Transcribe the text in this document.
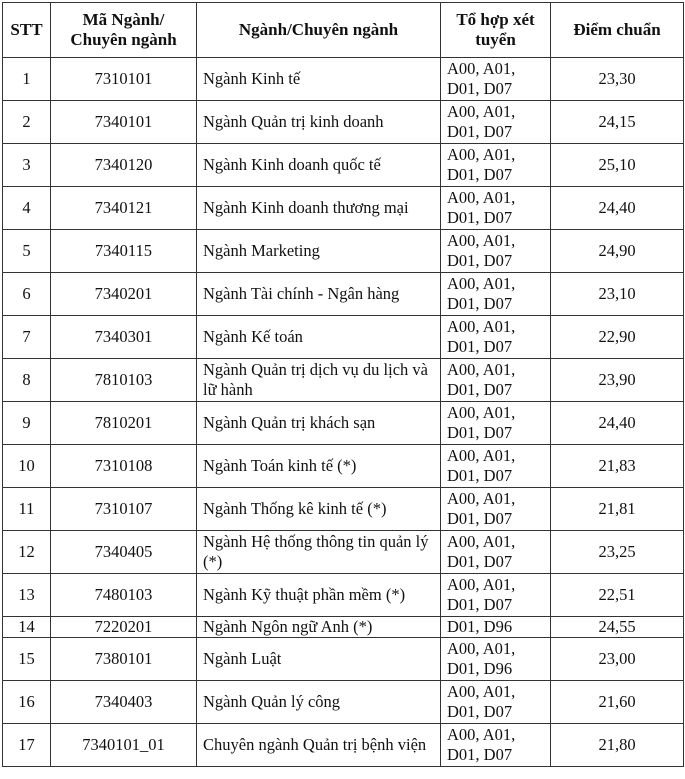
STT	Mã Ngành/ Chuyên ngành	Ngành/Chuyên ngành	Tổ hợp xét tuyển	Điểm chuẩn
1	7310101	Ngành Kinh tế	A00, A01, D01, D07	23,30
2	7340101	Ngành Quản trị kinh doanh	A00, A01, D01, D07	24,15
3	7340120	Ngành Kinh doanh quốc tế	A00, A01, D01, D07	25,10
4	7340121	Ngành Kinh doanh thương mại	A00, A01, D01, D07	24,40
5	7340115	Ngành Marketing	A00, A01, D01, D07	24,90
6	7340201	Ngành Tài chính - Ngân hàng	A00, A01, D01, D07	23,10
7	7340301	Ngành Kế toán	A00, A01, D01, D07	22,90
8	7810103	Ngành Quản trị dịch vụ du lịch và lữ hành	A00, A01, D01, D07	23,90
9	7810201	Ngành Quản trị khách sạn	A00, A01, D01, D07	24,40
10	7310108	Ngành Toán kinh tế (*)	A00, A01, D01, D07	21,83
11	7310107	Ngành Thống kê kinh tế (*)	A00, A01, D01, D07	21,81
12	7340405	Ngành Hệ thống thông tin quản lý (*)	A00, A01, D01, D07	23,25
13	7480103	Ngành Kỹ thuật phần mềm (*)	A00, A01, D01, D07	22,51
14	7220201	Ngành Ngôn ngữ Anh (*)	D01, D96	24,55
15	7380101	Ngành Luật	A00, A01, D01, D96	23,00
16	7340403	Ngành Quản lý công	A00, A01, D01, D07	21,60
17	7340101_01	Chuyên ngành Quản trị bệnh viện	A00, A01, D01, D07	21,80
